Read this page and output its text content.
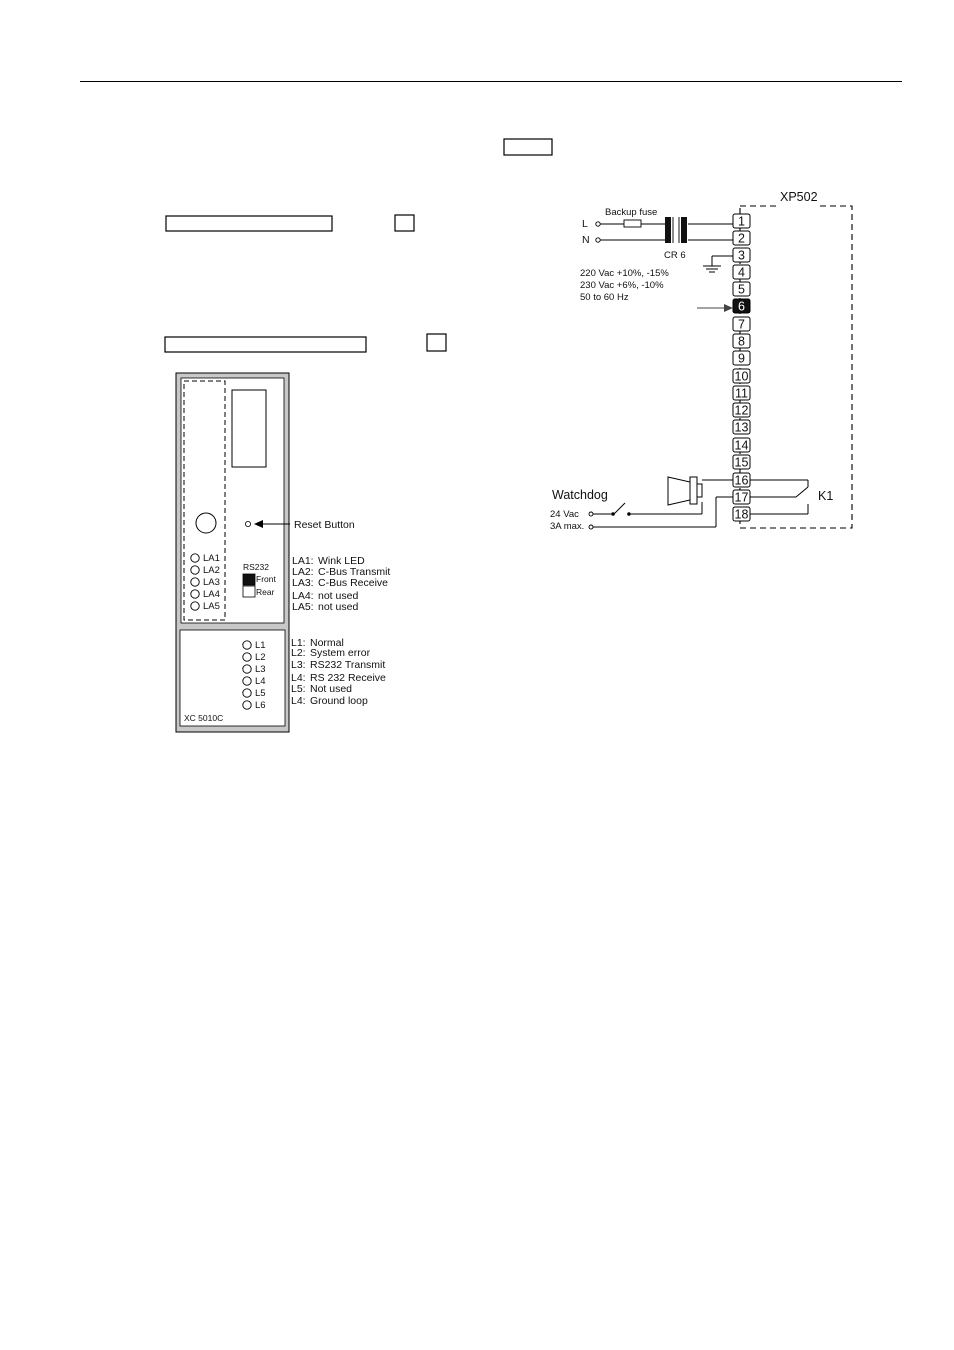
Reset Button
LA1
LA2
LA3
LA4
LA5
RS232
Front
Rear
L1
L2
L3
L4
L5
L6
XC 5010C
LA1: Wink LED
LA2: C-Bus Transmit
LA3: C-Bus Receive
LA4: not used
LA5: not used
L1: Normal
L2: System error
L3: RS232 Transmit
L4: RS 232 Receive
L5: Not used
L4: Ground loop
XP502
1
2
3
4
5
6
7
8
9
10
11
12
13
14
15
16
17
18
L
N
Backup fuse
CR 6
220 Vac +10%, -15%
230 Vac +6%, -10%
50 to 60 Hz
Watchdog
24 Vac
3A max.
K1
